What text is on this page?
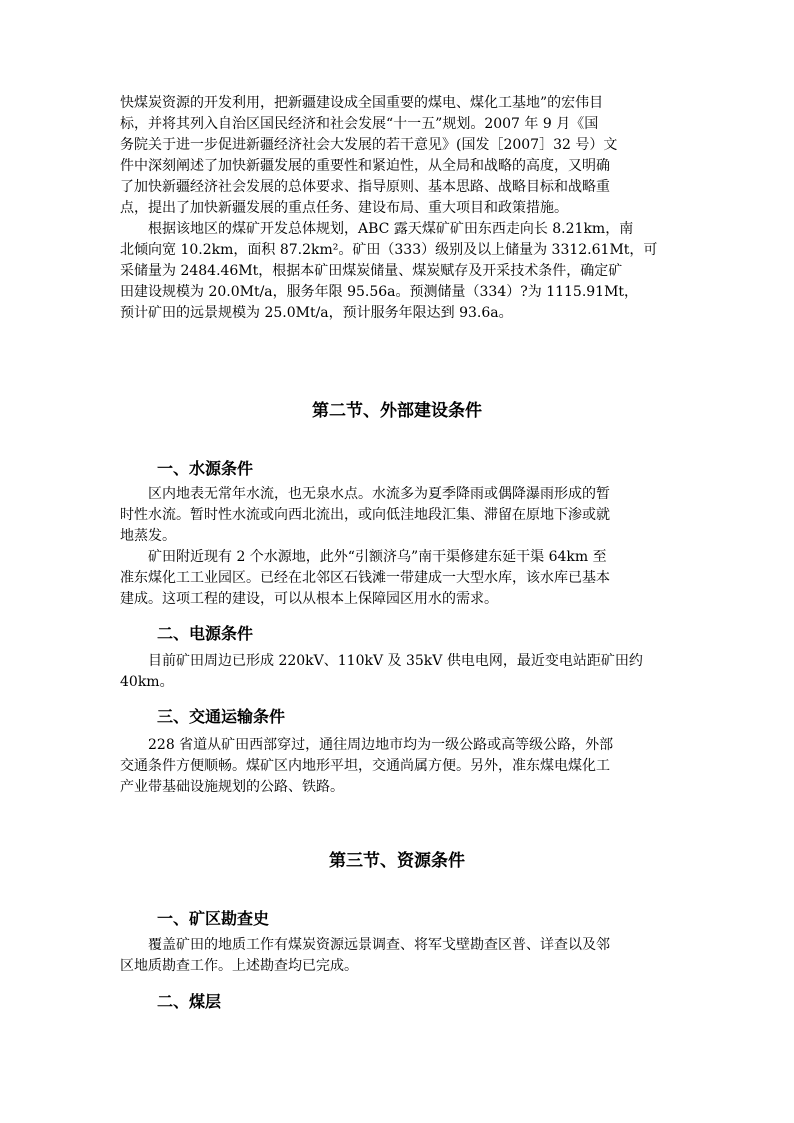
快煤炭资源的开发利用，把新疆建设成全国重要的煤电、煤化工基地”的宏伟目
标，并将其列入自治区国民经济和社会发展“十一五”规划。2007 年 9 月《国
务院关于进一步促进新疆经济社会大发展的若干意见》(国发［2007］32 号）文
件中深刻阐述了加快新疆发展的重要性和紧迫性，从全局和战略的高度，又明确
了加快新疆经济社会发展的总体要求、指导原则、基本思路、战略目标和战略重
点，提出了加快新疆发展的重点任务、建设布局、重大项目和政策措施。
根据该地区的煤矿开发总体规划，ABC 露天煤矿矿田东西走向长 8.21km，南
北倾向宽 10.2km，面积 87.2km²。矿田（333）级别及以上储量为 3312.61Mt，可
采储量为 2484.46Mt，根据本矿田煤炭储量、煤炭赋存及开采技术条件，确定矿
田建设规模为 20.0Mt/a，服务年限 95.56a。预测储量（334）?为 1115.91Mt，
预计矿田的远景规模为 25.0Mt/a，预计服务年限达到 93.6a。
第二节、外部建设条件
一、水源条件
区内地表无常年水流，也无泉水点。水流多为夏季降雨或偶降瀑雨形成的暂
时性水流。暂时性水流或向西北流出，或向低洼地段汇集、滞留在原地下渗或就
地蒸发。
矿田附近现有 2 个水源地，此外“引额济乌”南干渠修建东延干渠 64km 至
准东煤化工工业园区。已经在北邻区石钱滩一带建成一大型水库，该水库已基本
建成。这项工程的建设，可以从根本上保障园区用水的需求。
二、电源条件
目前矿田周边已形成 220kV、110kV 及 35kV 供电电网，最近变电站距矿田约
40km。
三、交通运输条件
228 省道从矿田西部穿过，通往周边地市均为一级公路或高等级公路，外部
交通条件方便顺畅。煤矿区内地形平坦，交通尚属方便。另外，准东煤电煤化工
产业带基础设施规划的公路、铁路。
第三节、资源条件
一、矿区勘查史
覆盖矿田的地质工作有煤炭资源远景调查、将军戈壁勘查区普、详查以及邻
区地质勘查工作。上述勘查均已完成。
二、煤层
